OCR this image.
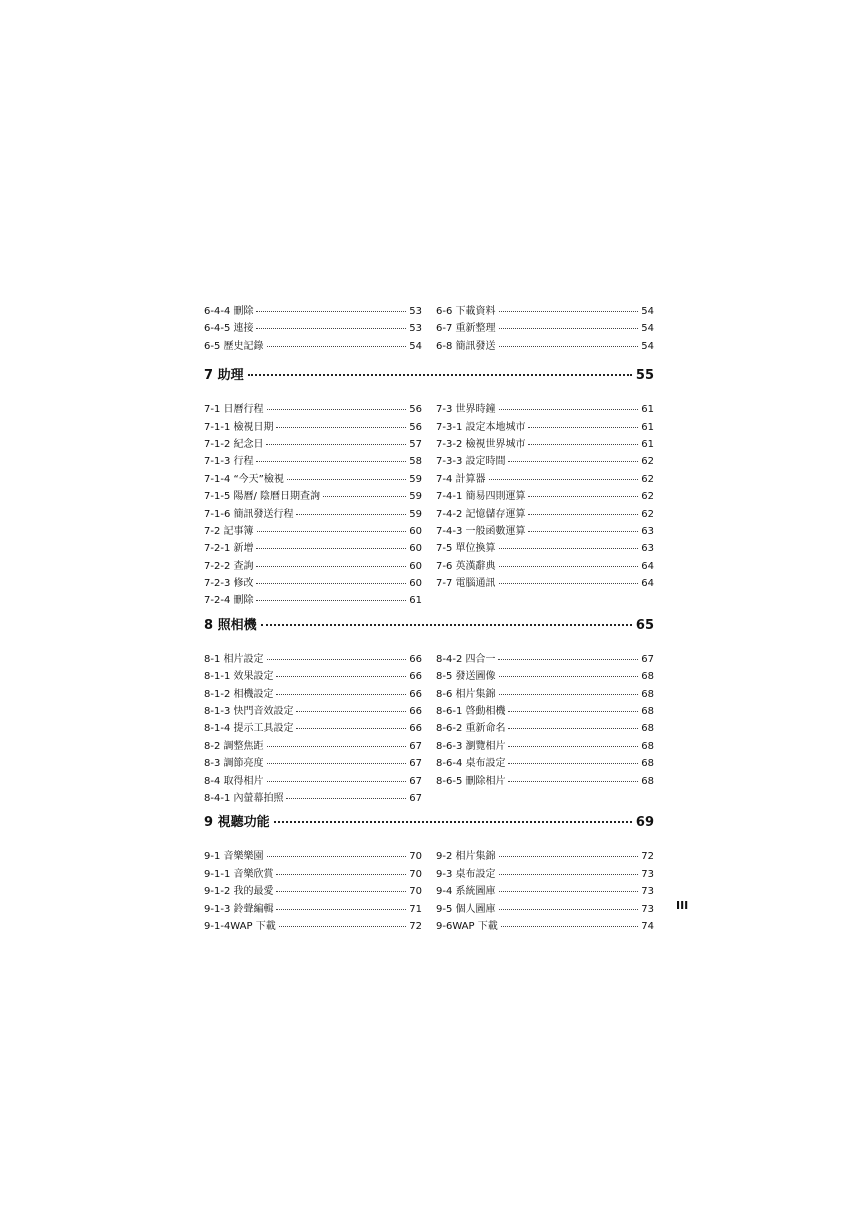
6-4-4 刪除	53
6-4-5 連接	53
6-5 歷史記錄	54
6-6 下載資料	54
6-7 重新整理	54
6-8 簡訊發送	54
7 助理	55
7-1 日曆行程	56
7-1-1 檢視日期	56
7-1-2 紀念日	57
7-1-3 行程	58
7-1-4 “今天”檢視	59
7-1-5 陽曆/ 陰曆日期查詢	59
7-1-6 簡訊發送行程	59
7-2 記事簿	60
7-2-1 新增	60
7-2-2 查詢	60
7-2-3 修改	60
7-2-4 刪除	61
7-3 世界時鐘	61
7-3-1 設定本地城市	61
7-3-2 檢視世界城市	61
7-3-3 設定時間	62
7-4 計算器	62
7-4-1 簡易四則運算	62
7-4-2 記憶儲存運算	62
7-4-3 一般函數運算	63
7-5 單位換算	63
7-6 英漢辭典	64
7-7 電腦通訊	64
8 照相機	65
8-1 相片設定	66
8-1-1 效果設定	66
8-1-2 相機設定	66
8-1-3 快門音效設定	66
8-1-4 提示工具設定	66
8-2 調整焦距	67
8-3 調節亮度	67
8-4 取得相片	67
8-4-1 內螢幕拍照	67
8-4-2 四合一	67
8-5 發送圖像	68
8-6 相片集錦	68
8-6-1 啓動相機	68
8-6-2 重新命名	68
8-6-3 瀏覽相片	68
8-6-4 桌布設定	68
8-6-5 刪除相片	68
9 視聽功能	69
9-1 音樂樂園	70
9-1-1 音樂欣賞	70
9-1-2 我的最愛	70
9-1-3 鈴聲編輯	71
9-1-4WAP 下載	72
9-2 相片集錦	72
9-3 桌布設定	73
9-4 系統圖庫	73
9-5 個人圖庫	73
9-6WAP 下載	74
III
